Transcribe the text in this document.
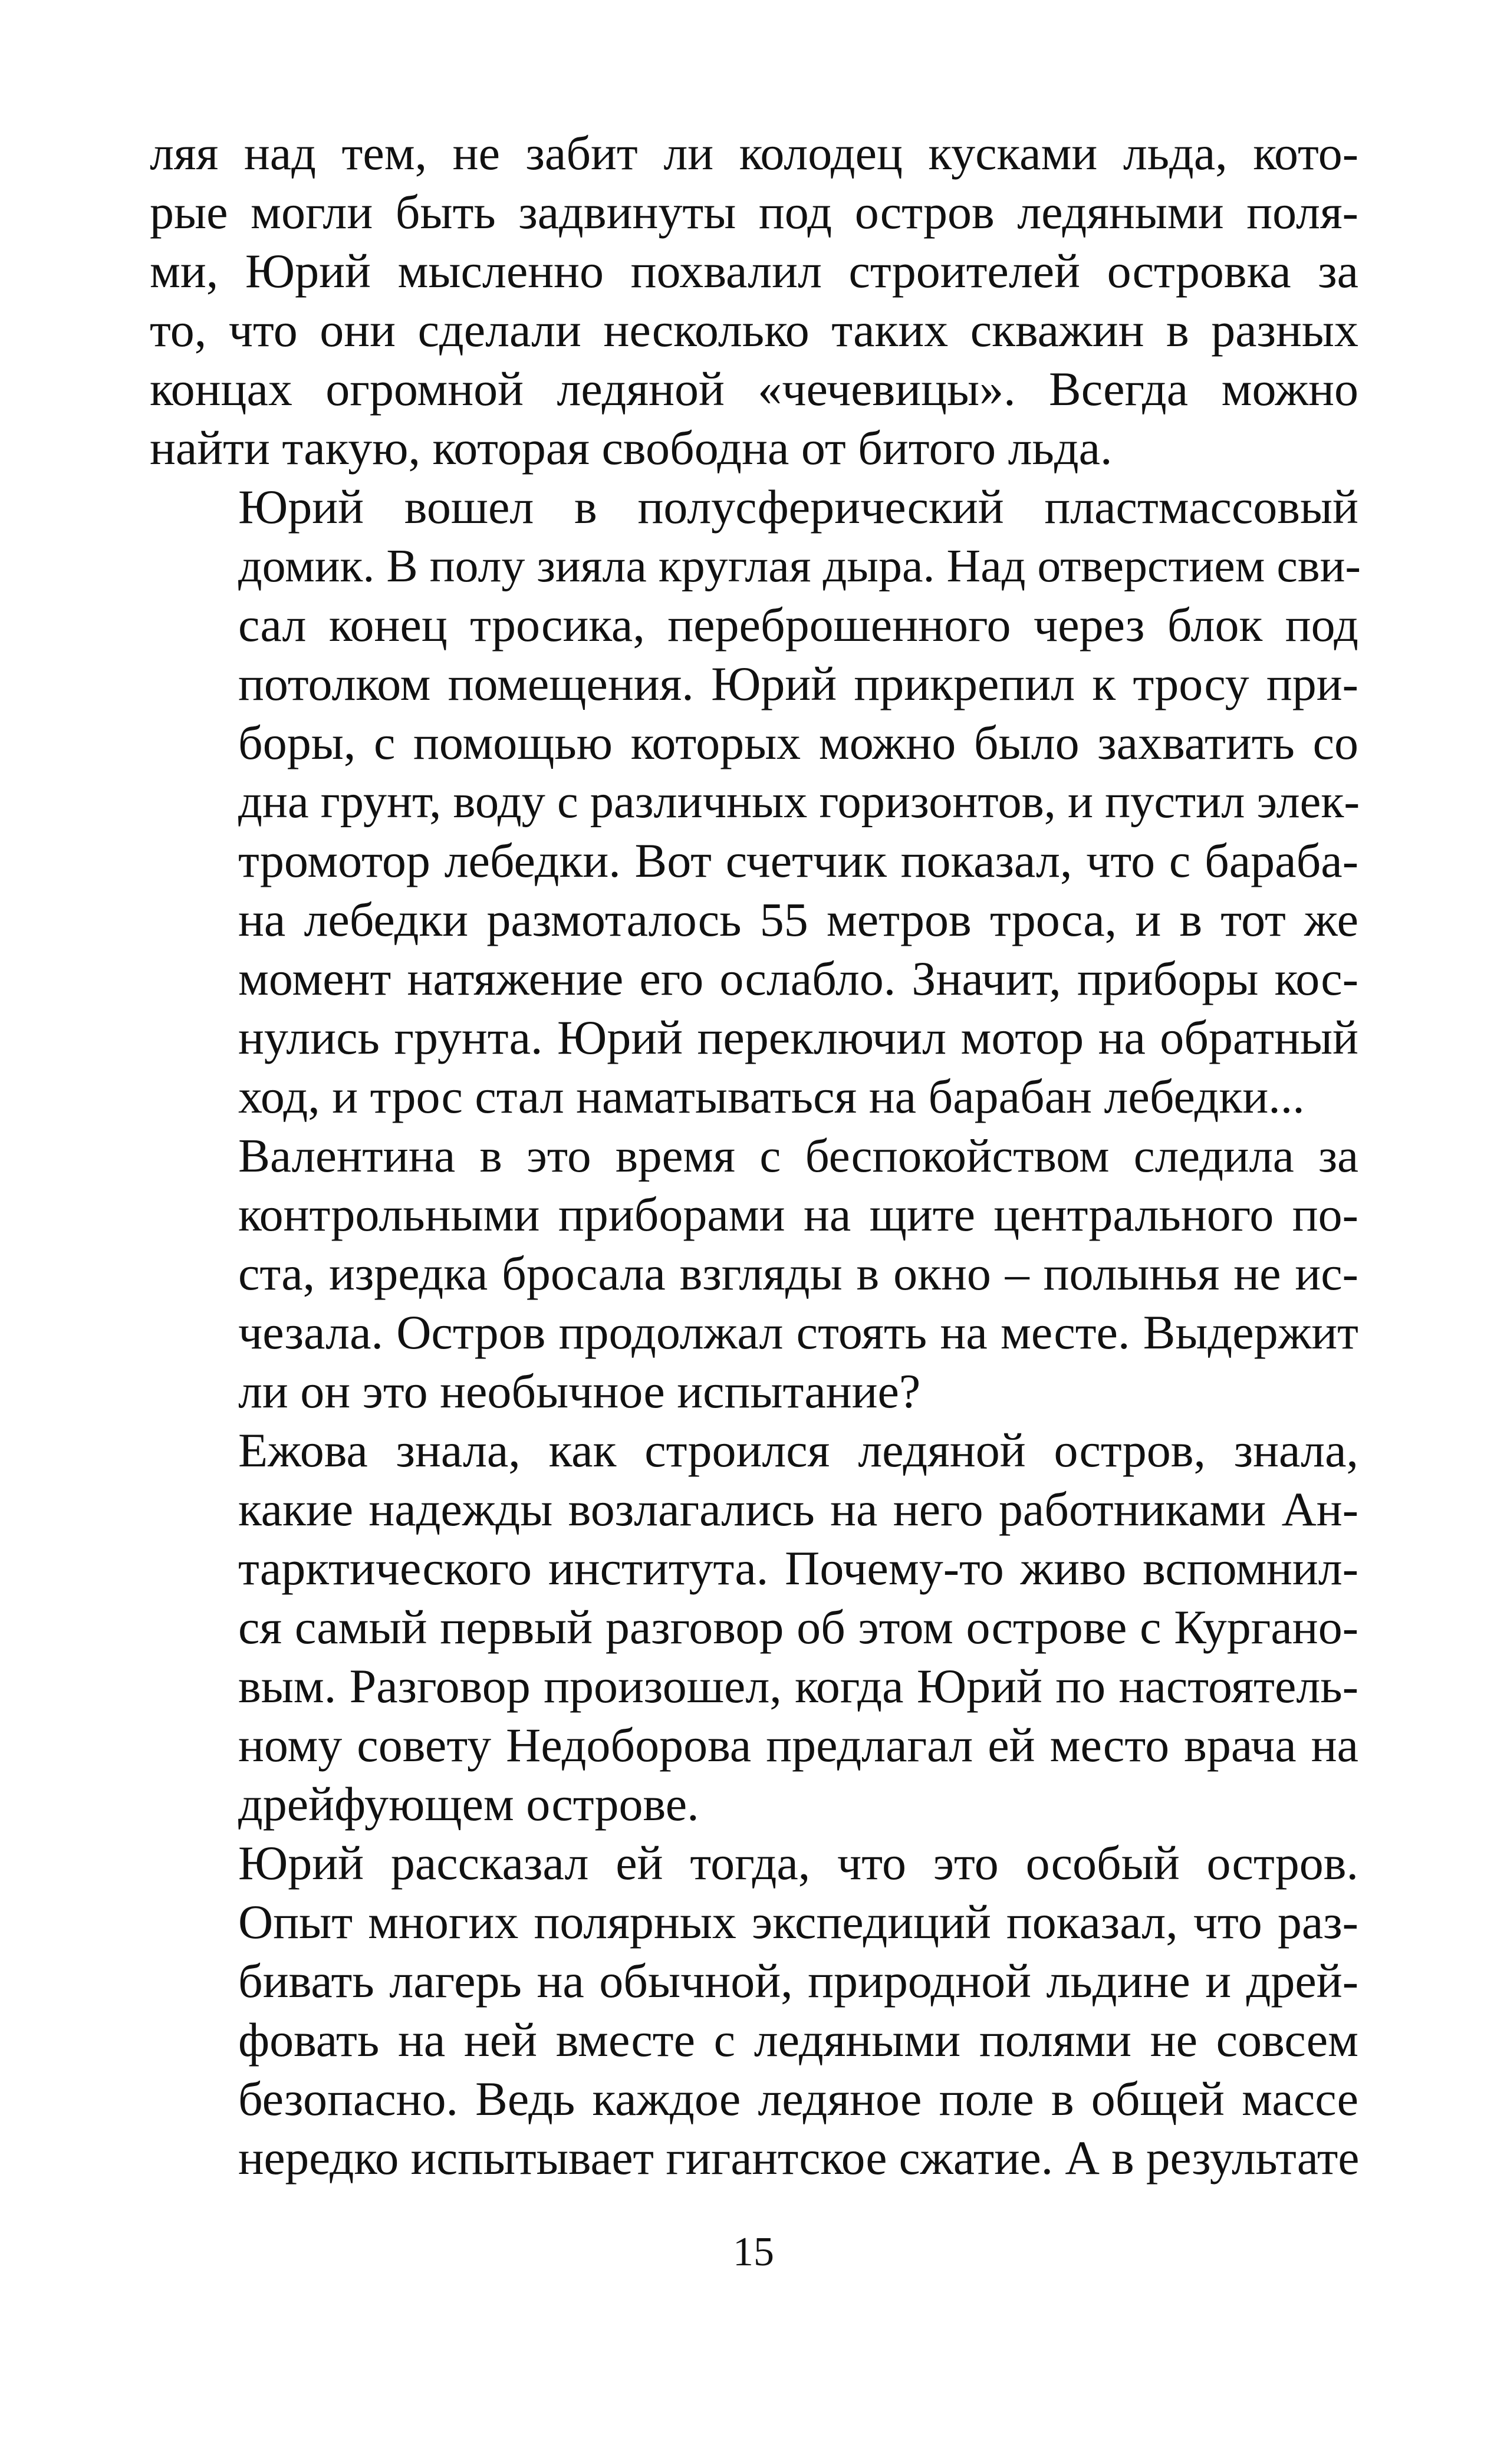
ляя над тем, не забит ли колодец кусками льда, кото-
рые могли быть задвинуты под остров ледяными поля-
ми, Юрий мысленно похвалил строителей островка за
то, что они сделали несколько таких скважин в разных
концах огромной ледяной «чечевицы». Всегда можно
найти такую, которая свободна от битого льда.

Юрий вошел в полусферический пластмассовый
домик. В полу зияла круглая дыра. Над отверстием сви-
сал конец тросика, переброшенного через блок под
потолком помещения. Юрий прикрепил к тросу при-
боры, с помощью которых можно было захватить со
дна грунт, воду с различных горизонтов, и пустил элек-
тромотор лебедки. Вот счетчик показал, что с бараба-
на лебедки размоталось 55 метров троса, и в тот же
момент натяжение его ослабло. Значит, приборы кос-
нулись грунта. Юрий переключил мотор на обратный
ход, и трос стал наматываться на барабан лебедки...

Валентина в это время с беспокойством следила за
контрольными приборами на щите центрального по-
ста, изредка бросала взгляды в окно – полынья не ис-
чезала. Остров продолжал стоять на месте. Выдержит
ли он это необычное испытание?

Ежова знала, как строился ледяной остров, знала,
какие надежды возлагались на него работниками Ан-
тарктического института. Почему-то живо вспомнил-
ся самый первый разговор об этом острове с Кургано-
вым. Разговор произошел, когда Юрий по настоятель-
ному совету Недоборова предлагал ей место врача на
дрейфующем острове.

Юрий рассказал ей тогда, что это особый остров.
Опыт многих полярных экспедиций показал, что раз-
бивать лагерь на обычной, природной льдине и дрей-
фовать на ней вместе с ледяными полями не совсем
безопасно. Ведь каждое ледяное поле в общей массе
нередко испытывает гигантское сжатие. А в результате

15
